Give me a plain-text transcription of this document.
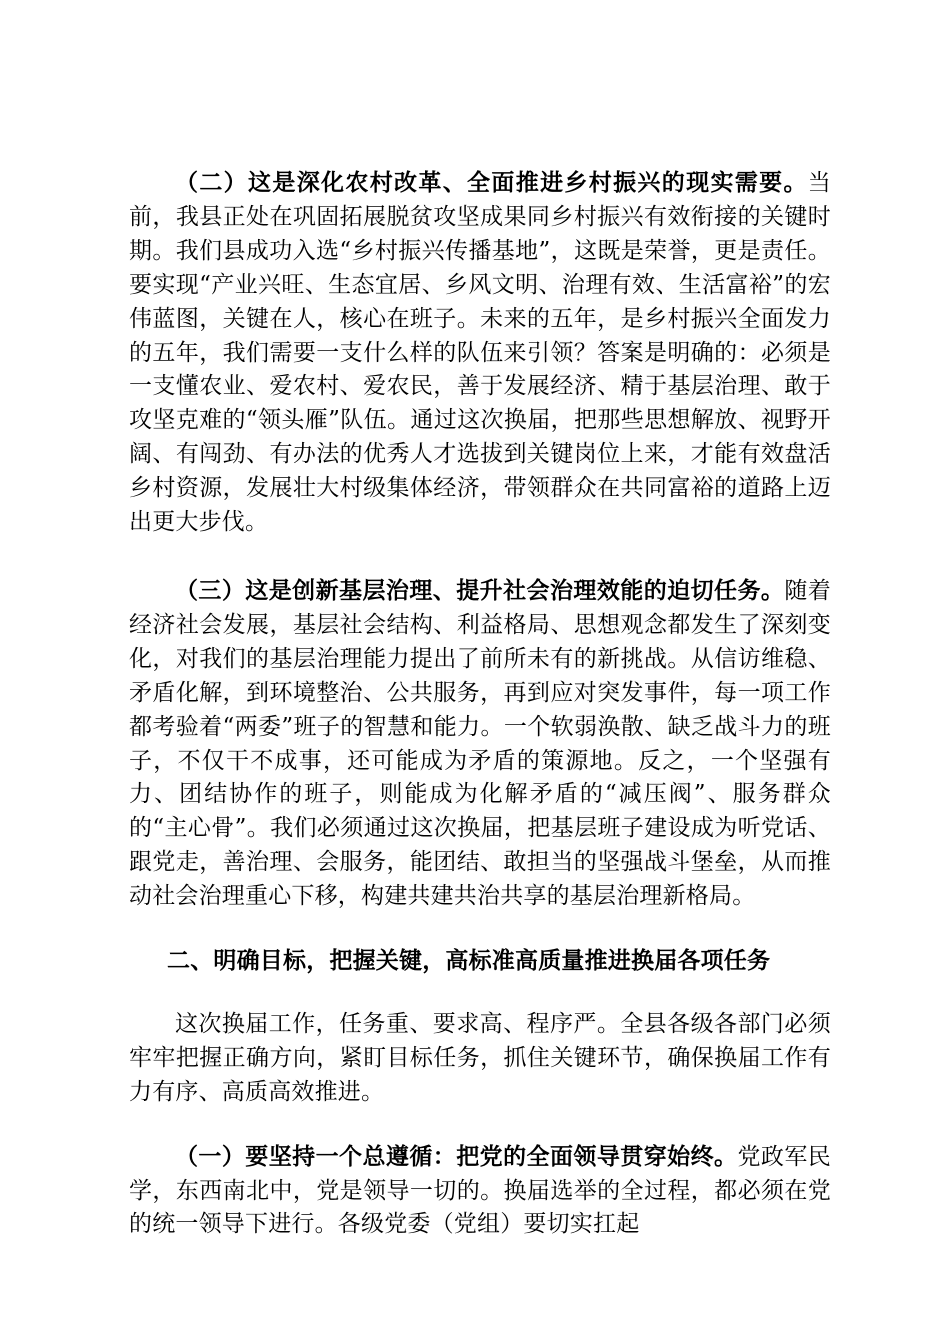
（二）这是深化农村改革、全面推进乡村振兴的现实需要。当前，我县正处在巩固拓展脱贫攻坚成果同乡村振兴有效衔接的关键时期。我们县成功入选“乡村振兴传播基地”，这既是荣誉，更是责任。要实现“产业兴旺、生态宜居、乡风文明、治理有效、生活富裕”的宏伟蓝图，关键在人，核心在班子。未来的五年，是乡村振兴全面发力的五年，我们需要一支什么样的队伍来引领？答案是明确的：必须是一支懂农业、爱农村、爱农民，善于发展经济、精于基层治理、敢于攻坚克难的“领头雁”队伍。通过这次换届，把那些思想解放、视野开阔、有闯劲、有办法的优秀人才选拔到关键岗位上来，才能有效盘活乡村资源，发展壮大村级集体经济，带领群众在共同富裕的道路上迈出更大步伐。

（三）这是创新基层治理、提升社会治理效能的迫切任务。随着经济社会发展，基层社会结构、利益格局、思想观念都发生了深刻变化，对我们的基层治理能力提出了前所未有的新挑战。从信访维稳、矛盾化解，到环境整治、公共服务，再到应对突发事件，每一项工作都考验着“两委”班子的智慧和能力。一个软弱涣散、缺乏战斗力的班子，不仅干不成事，还可能成为矛盾的策源地。反之，一个坚强有力、团结协作的班子，则能成为化解矛盾的“减压阀”、服务群众的“主心骨”。我们必须通过这次换届，把基层班子建设成为听党话、跟党走，善治理、会服务，能团结、敢担当的坚强战斗堡垒，从而推动社会治理重心下移，构建共建共治共享的基层治理新格局。

二、明确目标，把握关键，高标准高质量推进换届各项任务

这次换届工作，任务重、要求高、程序严。全县各级各部门必须牢牢把握正确方向，紧盯目标任务，抓住关键环节，确保换届工作有力有序、高质高效推进。

（一）要坚持一个总遵循：把党的全面领导贯穿始终。党政军民学，东西南北中，党是领导一切的。换届选举的全过程，都必须在党的统一领导下进行。各级党委（党组）要切实扛起
